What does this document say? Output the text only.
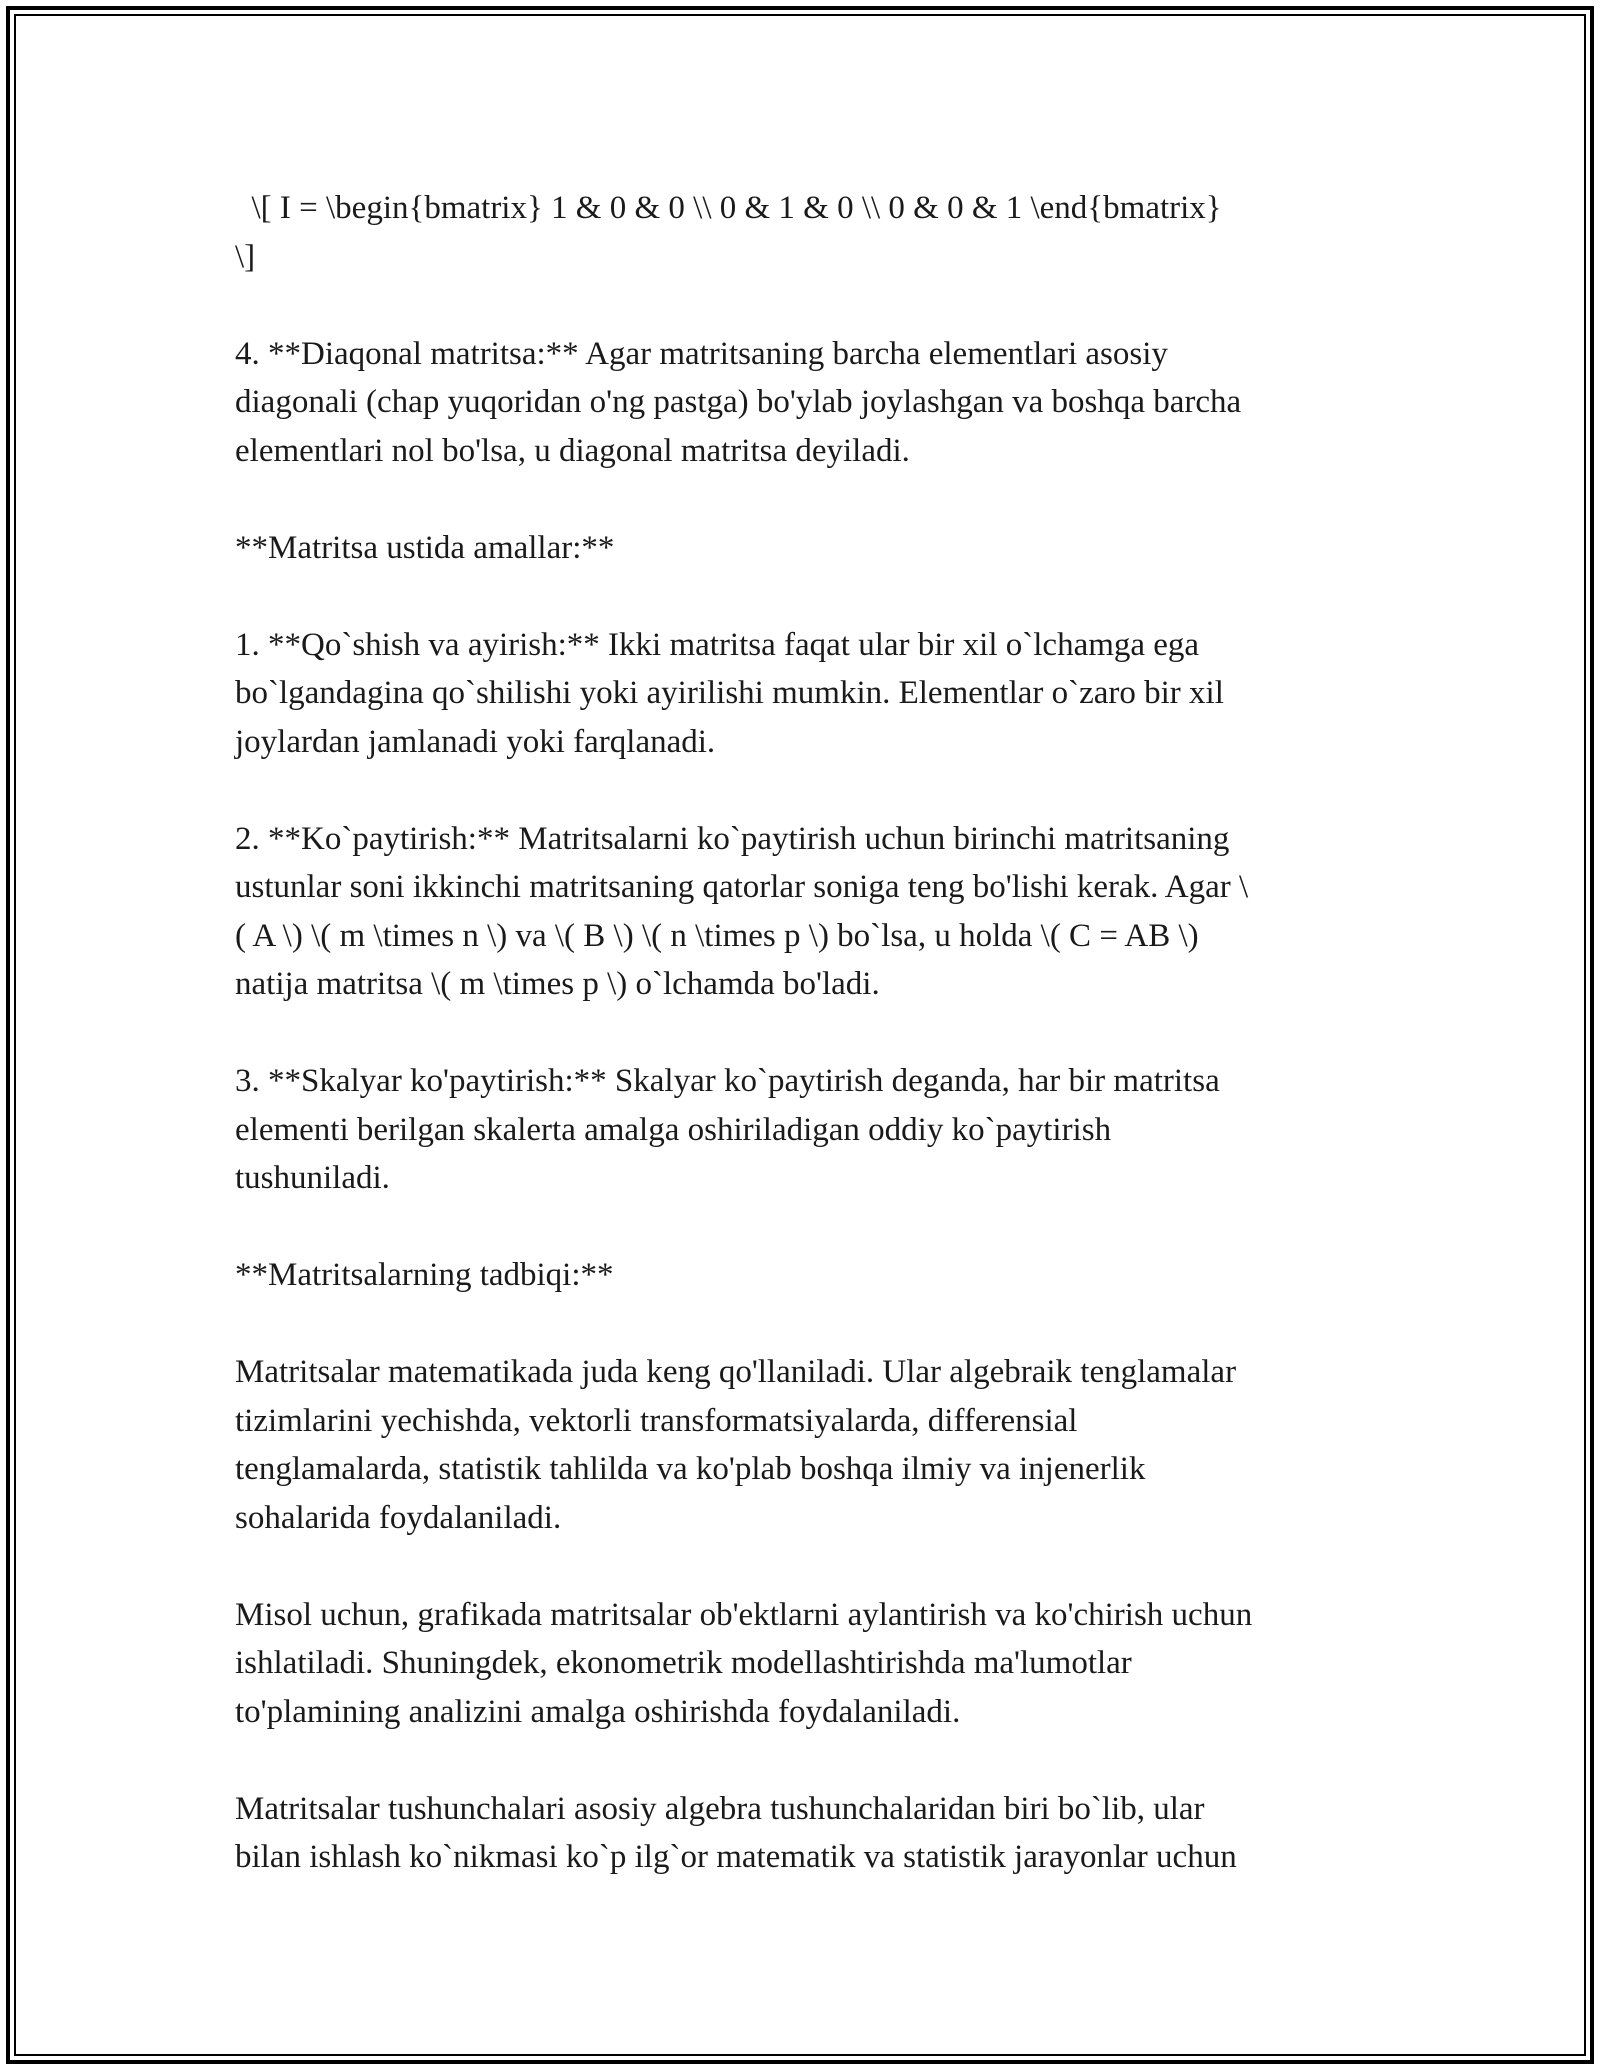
\[ I = \begin{bmatrix} 1 & 0 & 0 \\ 0 & 1 & 0 \\ 0 & 0 & 1 \end{bmatrix}
\]

4. **Diaqonal matritsa:** Agar matritsaning barcha elementlari asosiy
diagonali (chap yuqoridan o'ng pastga) bo'ylab joylashgan va boshqa barcha
elementlari nol bo'lsa, u diagonal matritsa deyiladi.

**Matritsa ustida amallar:**

1. **Qo`shish va ayirish:** Ikki matritsa faqat ular bir xil o`lchamga ega
bo`lgandagina qo`shilishi yoki ayirilishi mumkin. Elementlar o`zaro bir xil
joylardan jamlanadi yoki farqlanadi.

2. **Ko`paytirish:** Matritsalarni ko`paytirish uchun birinchi matritsaning
ustunlar soni ikkinchi matritsaning qatorlar soniga teng bo'lishi kerak. Agar \
( A \) \( m \times n \) va \( B \) \( n \times p \) bo`lsa, u holda \( C = AB \)
natija matritsa \( m \times p \) o`lchamda bo'ladi.

3. **Skalyar ko'paytirish:** Skalyar ko`paytirish deganda, har bir matritsa
elementi berilgan skalerta amalga oshiriladigan oddiy ko`paytirish
tushuniladi.

**Matritsalarning tadbiqi:**

Matritsalar matematikada juda keng qo'llaniladi. Ular algebraik tenglamalar
tizimlarini yechishda, vektorli transformatsiyalarda, differensial
tenglamalarda, statistik tahlilda va ko'plab boshqa ilmiy va injenerlik
sohalarida foydalaniladi.

Misol uchun, grafikada matritsalar ob'ektlarni aylantirish va ko'chirish uchun
ishlatiladi. Shuningdek, ekonometrik modellashtirishda ma'lumotlar
to'plamining analizini amalga oshirishda foydalaniladi.

Matritsalar tushunchalari asosiy algebra tushunchalaridan biri bo`lib, ular
bilan ishlash ko`nikmasi ko`p ilg`or matematik va statistik jarayonlar uchun
